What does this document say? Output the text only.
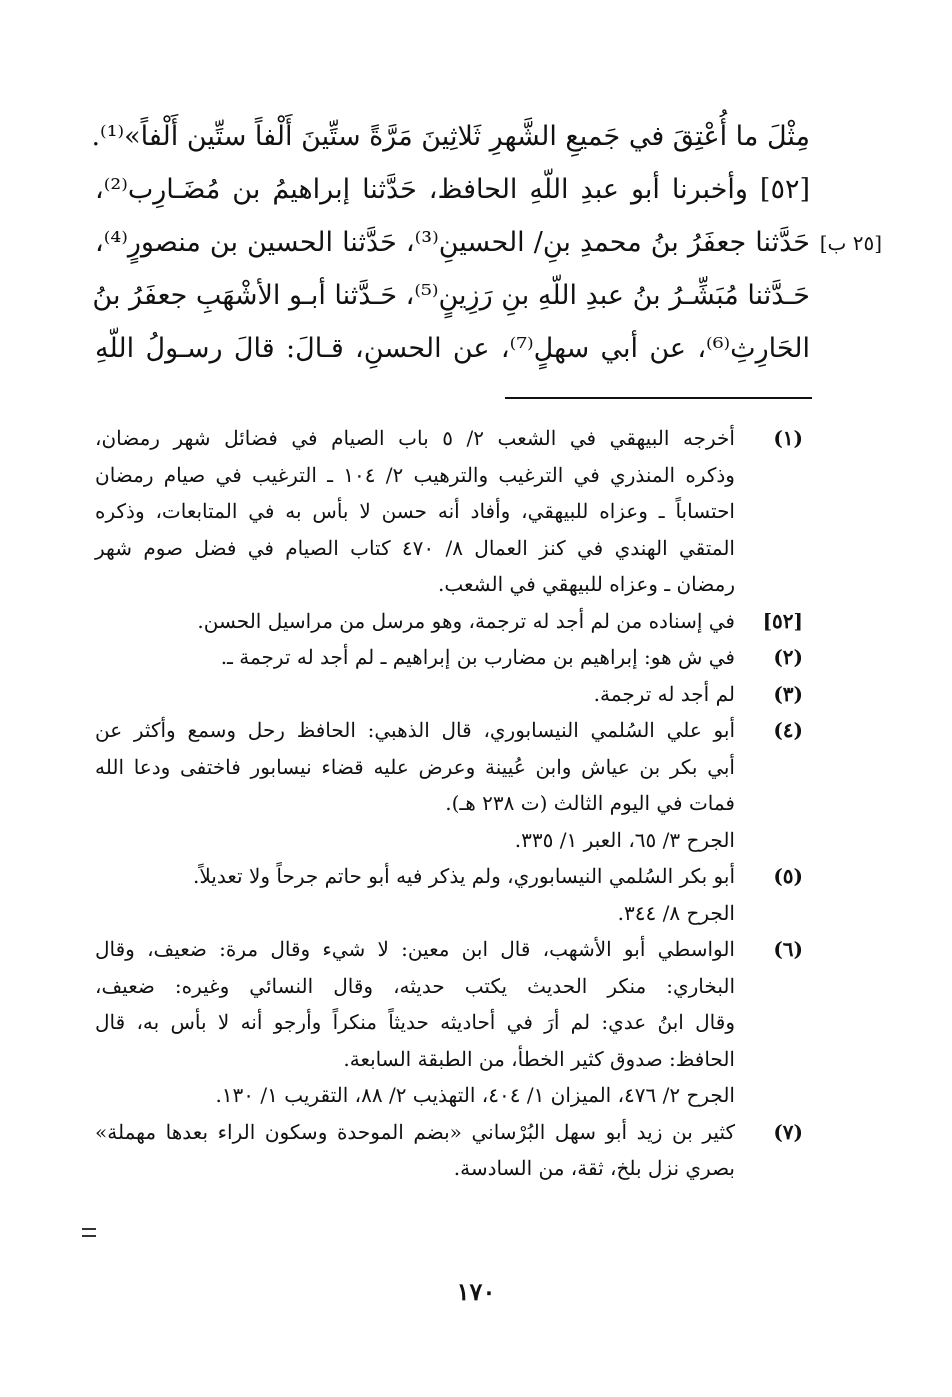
مِثْلَ ما أُعْتِقَ في جَميعِ الشَّهرِ ثَلاثِينَ مَرَّةً ستِّينَ أَلْفاً ستِّين أَلْفاً»⁽¹⁾.
[٥٢] وأخبرنا أبو عبدِ اللّهِ الحافظ، حَدَّثنا إبراهيمُ بن مُضَـارِب⁽²⁾،
حَدَّثنا جعفَرُ بنُ محمدِ بنِ/ الحسينِ⁽³⁾، حَدَّثنا الحسين بن منصورٍ⁽⁴⁾،
حَـدَّثنا مُبَشِّـرُ بنُ عبدِ اللّهِ بنِ رَزِينٍ⁽⁵⁾، حَـدَّثنا أبـو الأشْهَبِ جعفَرُ بنُ
الحَارِثِ⁽⁶⁾، عن أبي سهلٍ⁽⁷⁾، عن الحسنِ، قـالَ: قالَ رسـولُ اللّهِ
[٢٥ ب]
(١)
أخرجه البيهقي في الشعب ٢/ ٥ باب الصيام في فضائل شهر رمضان،
وذكره المنذري في الترغيب والترهيب ٢/ ١٠٤ ـ الترغيب في صيام رمضان
احتساباً ـ وعزاه للبيهقي، وأفاد أنه حسن لا بأس به في المتابعات، وذكره
المتقي الهندي في كنز العمال ٨/ ٤٧٠ كتاب الصيام في فضل صوم شهر
رمضان ـ وعزاه للبيهقي في الشعب.
[٥٢]
في إسناده من لم أجد له ترجمة، وهو مرسل من مراسيل الحسن.
(٢)
في ش هو: إبراهيم بن مضارب بن إبراهيم ـ لم أجد له ترجمة ـ.
(٣)
لم أجد له ترجمة.
(٤)
أبو علي السُلمي النيسابوري، قال الذهبي: الحافظ رحل وسمع وأكثر عن
أبي بكر بن عياش وابن عُيينة وعرض عليه قضاء نيسابور فاختفى ودعا الله
فمات في اليوم الثالث (ت ٢٣٨ هـ).
الجرح ٣/ ٦٥، العبر ١/ ٣٣٥.
(٥)
أبو بكر السُلمي النيسابوري، ولم يذكر فيه أبو حاتم جرحاً ولا تعديلاً.
الجرح ٨/ ٣٤٤.
(٦)
الواسطي أبو الأشهب، قال ابن معين: لا شيء وقال مرة: ضعيف، وقال
البخاري: منكر الحديث يكتب حديثه، وقال النسائي وغيره: ضعيف،
وقال ابنُ عدي: لم أرَ في أحاديثه حديثاً منكراً وأرجو أنه لا بأس به، قال
الحافظ: صدوق كثير الخطأ، من الطبقة السابعة.
الجرح ٢/ ٤٧٦، الميزان ١/ ٤٠٤، التهذيب ٢/ ٨٨، التقريب ١/ ١٣٠.
(٧)
كثير بن زيد أبو سهل البُرْساني «بضم الموحدة وسكون الراء بعدها مهملة»
بصري نزل بلخ، ثقة، من السادسة.
١٧٠
